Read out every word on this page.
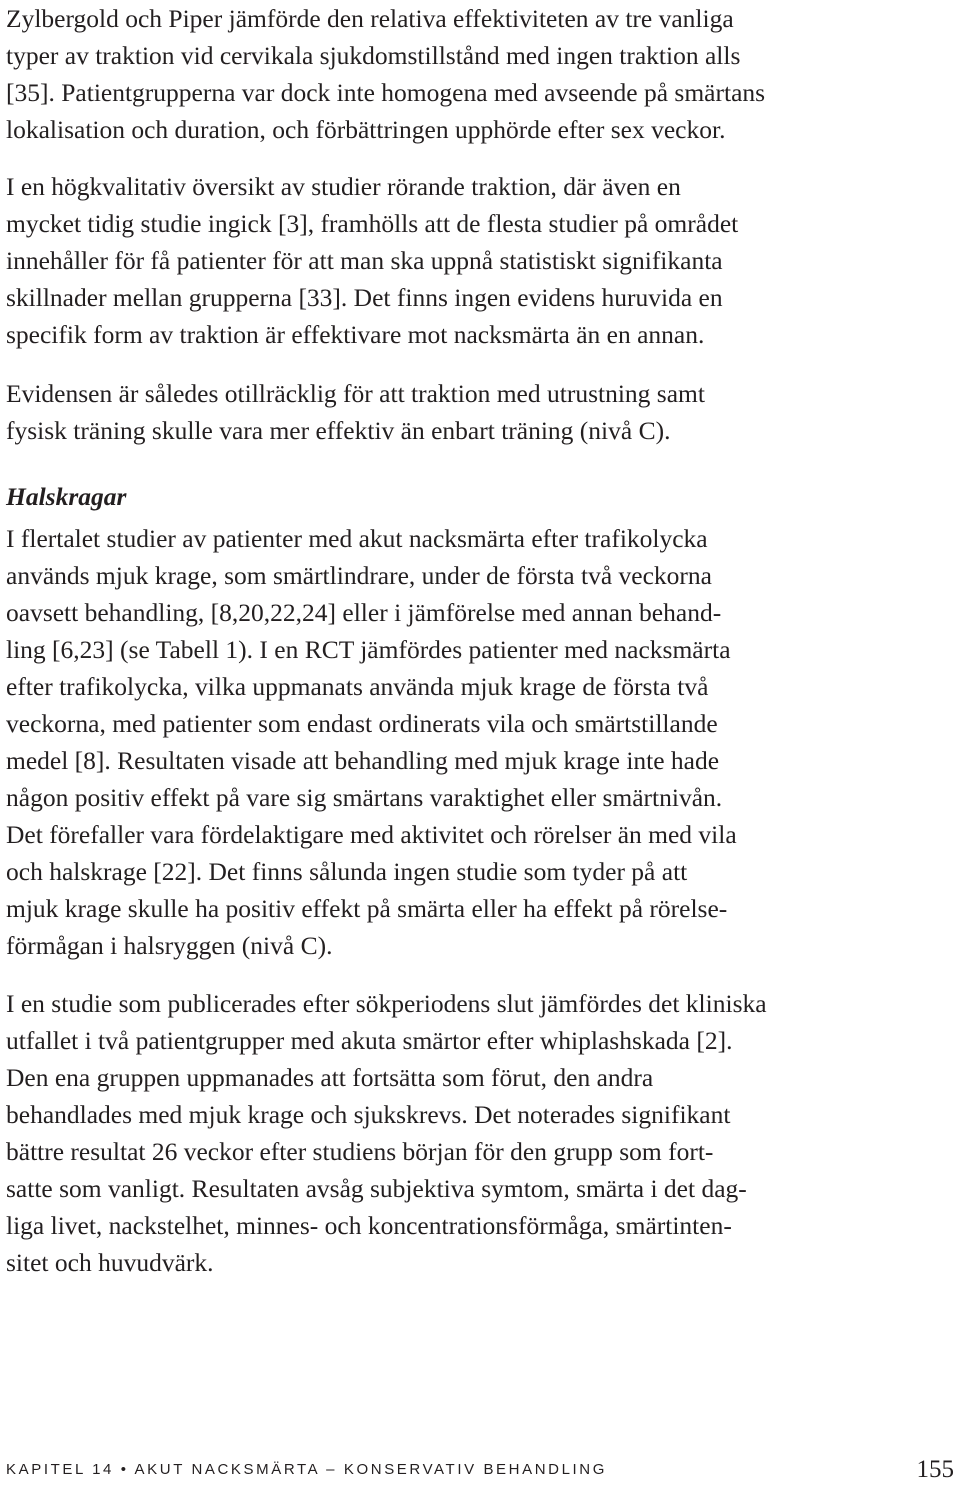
Zylbergold och Piper jämförde den relativa effektiviteten av tre vanliga
typer av traktion vid cervikala sjukdomstillstånd med ingen traktion alls
[35]. Patientgrupperna var dock inte homogena med avseende på smärtans
lokalisation och duration, och förbättringen upphörde efter sex veckor.

I en högkvalitativ översikt av studier rörande traktion, där även en
mycket tidig studie ingick [3], framhölls att de flesta studier på området
innehåller för få patienter för att man ska uppnå statistiskt signifikanta
skillnader mellan grupperna [33]. Det finns ingen evidens huruvida en
specifik form av traktion är effektivare mot nacksmärta än en annan.

Evidensen är således otillräcklig för att traktion med utrustning samt
fysisk träning skulle vara mer effektiv än enbart träning (nivå C).

Halskragar

I flertalet studier av patienter med akut nacksmärta efter trafikolycka
används mjuk krage, som smärtlindrare, under de första två veckorna
oavsett behandling, [8,20,22,24] eller i jämförelse med annan behand-
ling [6,23] (se Tabell 1). I en RCT jämfördes patienter med nacksmärta
efter trafikolycka, vilka uppmanats använda mjuk krage de första två
veckorna, med patienter som endast ordinerats vila och smärtstillande
medel [8]. Resultaten visade att behandling med mjuk krage inte hade
någon positiv effekt på vare sig smärtans varaktighet eller smärtnivån.
Det förefaller vara fördelaktigare med aktivitet och rörelser än med vila
och halskrage [22]. Det finns sålunda ingen studie som tyder på att
mjuk krage skulle ha positiv effekt på smärta eller ha effekt på rörelse-
förmågan i halsryggen (nivå C).

I en studie som publicerades efter sökperiodens slut jämfördes det kliniska
utfallet i två patientgrupper med akuta smärtor efter whiplashskada [2].
Den ena gruppen uppmanades att fortsätta som förut, den andra
behandlades med mjuk krage och sjukskrevs. Det noterades signifikant
bättre resultat 26 veckor efter studiens början för den grupp som fort-
satte som vanligt. Resultaten avsåg subjektiva symtom, smärta i det dag-
liga livet, nackstelhet, minnes- och koncentrationsförmåga, smärtinten-
sitet och huvudvärk.

KAPITEL 14 • AKUT NACKSMÄRTA – KONSERVATIV BEHANDLING	155
